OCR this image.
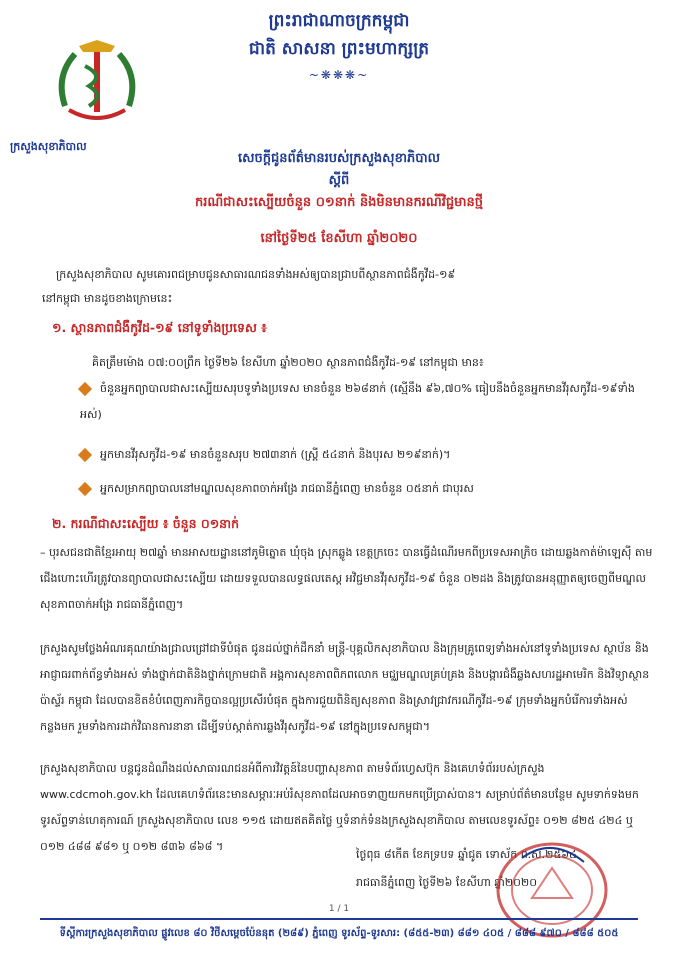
ព្រះរាជាណាចក្រកម្ពុជា
ជាតិ សាសនា ព្រះមហាក្សត្រ
~❋❋❋~
ក្រសួងសុខាភិបាល
សេចក្តីជូនព័ត៌មានរបស់ក្រសួងសុខាភិបាល
ស្តីពី
ករណីជាសះស្បើយចំនួន ០១នាក់ និងមិនមានករណីវិជ្ជមានថ្មី
នៅថ្ងៃទី២៥ ខែសីហា ឆ្នាំ២០២០
ក្រសួងសុខាភិបាល សូមគោរពជម្រាបជូនសាធារណជនទាំងអស់ឲ្យបានជ្រាបពីស្ថានភាពជំងឺកូវីដ-១៩
នៅកម្ពុជា មានដូចខាងក្រោមនេះ
១. ស្ថានភាពជំងឺកូវីដ-១៩ នៅទូទាំងប្រទេស ៖
គិតត្រឹមម៉ោង ០៧:០០ព្រឹក ថ្ងៃទី២៦ ខែសីហា ឆ្នាំ២០២០ ស្ថានភាពជំងឺកូវីដ-១៩ នៅកម្ពុជា មាន៖
ចំនួនអ្នកព្យាបាលជាសះស្បើយសរុបទូទាំងប្រទេស មានចំនួន ២៦៨នាក់ (ស្មើនឹង ៩៦,៧០% ធៀបនឹងចំនួនអ្នកមានវីរុសកូវីដ-១៩ទាំងអស់)
អ្នកមានវីរុសកូវីដ-១៩ មានចំនួនសរុប ២៧៣នាក់ (ស្ត្រី ៥៤នាក់ និងបុរស ២១៩នាក់)។
អ្នកសម្រាកព្យាបាលនៅមណ្ឌលសុខភាពចាក់អង្រែ រាជធានីភ្នំពេញ មានចំនួន ០៥នាក់ ជាបុរស
២. ករណីជាសះស្បើយ ៖ ចំនួន ០១នាក់
– បុរសជនជាតិខ្មែរអាយុ ២៧ឆ្នាំ មានអាសយដ្ឋាននៅភូមិត្នោត ឃុំចុង ស្រុកឆ្លូង ខេត្តក្រចេះ បានធ្វើដំណើរមកពីប្រទេសអាភ្រិច ដោយឆ្លងកាត់ម៉ាឡេស៊ី តាមជើងហោះហើរត្រូវបានព្យាបាលជាសះស្បើយ ដោយទទួលបានលទ្ធផលតេស្ត អវិជ្ជមានវីរុសកូវីដ-១៩ ចំនួន ០២ដង និងត្រូវបានអនុញ្ញាតឲ្យចេញពីមណ្ឌលសុខភាពចាក់អង្រែ រាជធានីភ្នំពេញ។
ក្រសួងសូមថ្លែងអំណរគុណយ៉ាងជ្រាលជ្រៅជាទីបំផុត ជូនដល់ថ្នាក់ដឹកនាំ មន្ត្រី-បុគ្គលិកសុខាភិបាល និងក្រុមគ្រូពេទ្យទាំងអស់នៅទូទាំងប្រទេស ស្ថាប័ន និងអាជ្ញាធរពាក់ព័ន្ធទាំងអស់ ទាំងថ្នាក់ជាតិនិងថ្នាក់ក្រោមជាតិ អង្គការសុខភាពពិភពលោក មជ្ឈមណ្ឌលគ្រប់គ្រង និងបង្ការជំងឺឆ្លងសហរដ្ឋអាមេរិក និងវិទ្យាស្ថានប៉ាស្ទ័រ កម្ពុជា ដែលបានខិតខំបំពេញភារកិច្ចបានល្អប្រសើរបំផុត ក្នុងការជួយពិនិត្យសុខភាព និងស្រាវជ្រាវករណីកូវីដ-១៩ ក្រុមទាំងអ្នកបំរើការទាំងអស់កន្លងមក រួមទាំងការដាក់វិធានការនានា ដើម្បីទប់ស្កាត់ការឆ្លងវីរុសកូវីដ-១៩ នៅក្នុងប្រទេសកម្ពុជា។
ក្រសួងសុខាភិបាល បន្តជូនដំណឹងដល់សាធារណជនអំពីការវិវត្តន៍នៃបញ្ហាសុខភាព តាមទំព័រហ្វេសប៊ុក និងគេហទំព័ររបស់ក្រសួង www.cdcmoh.gov.kh ដែលគេហទំព័រនេះមានសម្ភារៈអប់រំសុខភាពដែលអាចទាញយកមកប្រើប្រាស់បាន។ សម្រាប់ព័ត៌មានបន្ថែម សូមទាក់ទងមកទូរស័ព្ទទាន់ហេតុការណ៍ ក្រសួងសុខាភិបាល លេខ ១១៥ ដោយឥតគិតថ្លៃ ឬទំនាក់ទំនងក្រសួងសុខាភិបាល តាមលេខទូរស័ព្ទ៖ ០១២ ៨២៥ ៤២៤ ឬ ០១២ ៤៨៨ ៩៨១ ឬ ០១២ ៨៣៦ ៨៦៨ ។
ថ្ងៃពុធ ៨កើត ខែភទ្របទ ឆ្នាំជូត ទោស័ក ព.ស.២៥៦៤
រាជធានីភ្នំពេញ ថ្ងៃទី២៦ ខែសីហា ឆ្នាំ២០២០
1 / 1
ទីស្តីការក្រសួងសុខាភិបាល ផ្លូវលេខ ៨០ វិថីសម្តេចប៉ែននុត (២៨៩) ភ្នំពេញ ទូរស័ព្ទ-ទូរសារ: (៨៥៥-២៣) ៨៨១ ៤០៥ / ៨៨៨ ៩៧០ / ៨៨៨ ៥០៥
